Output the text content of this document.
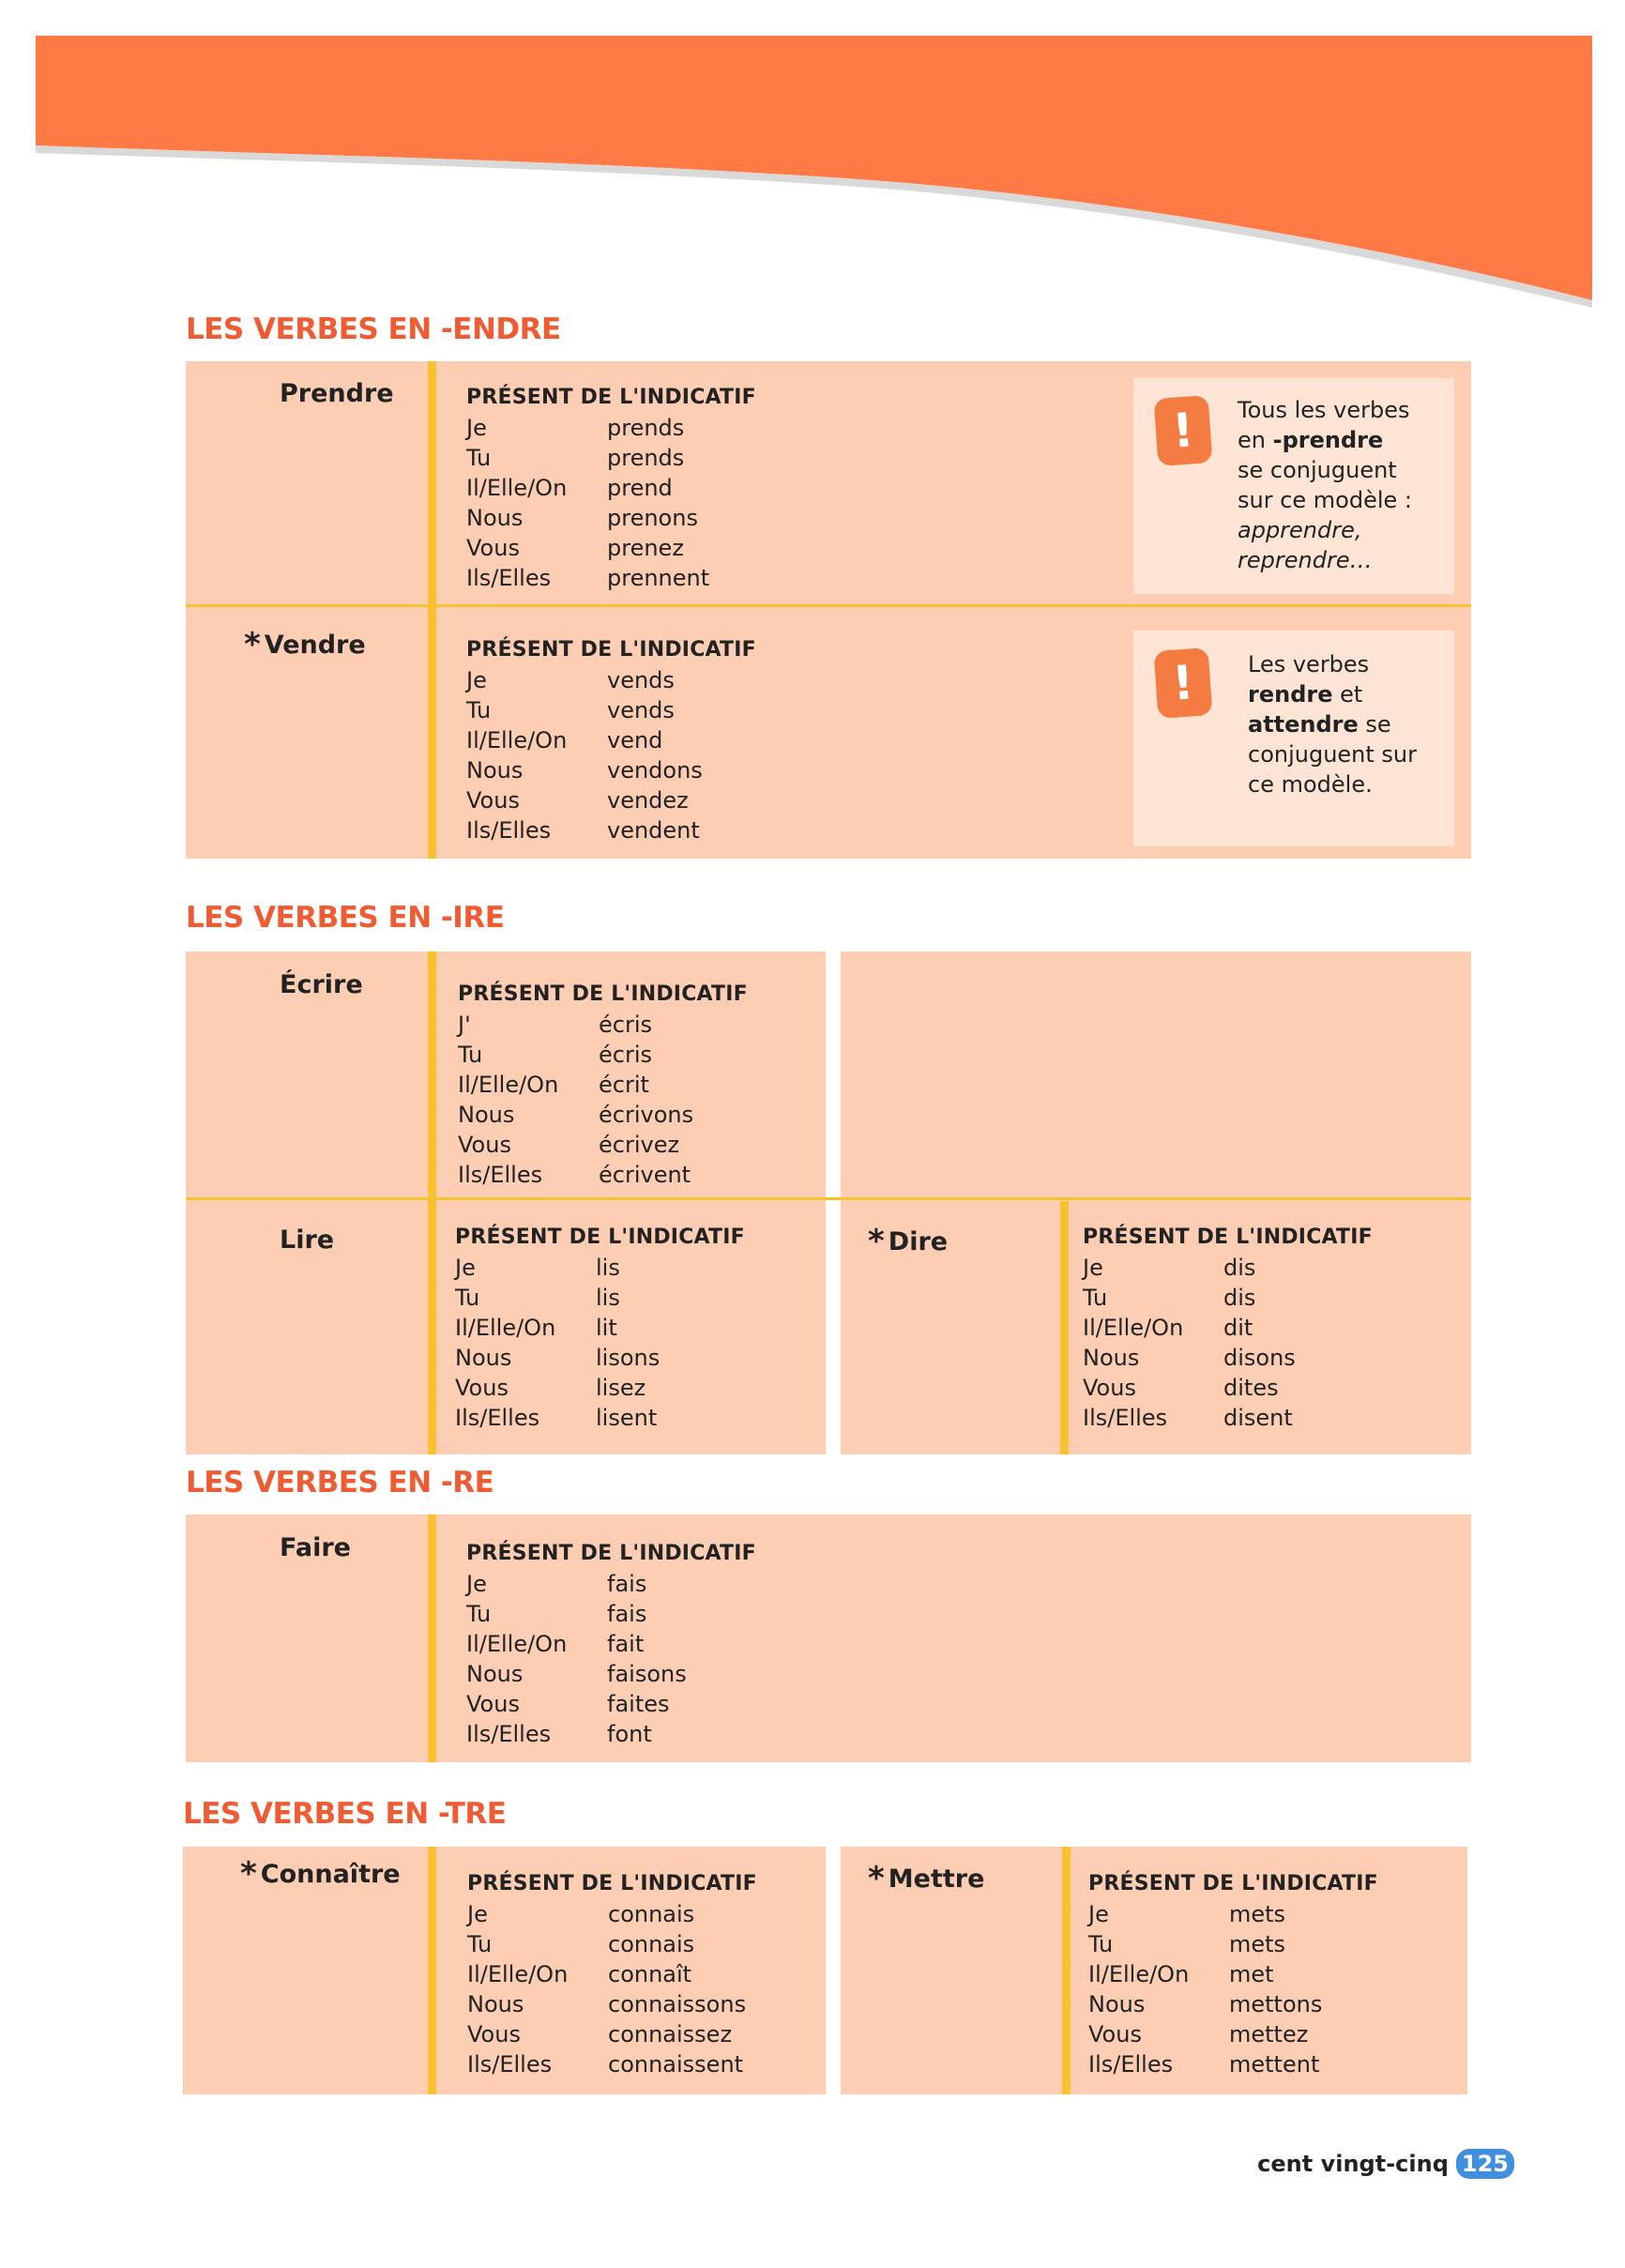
LES VERBES EN -ENDRE
Prendre	PRÉSENT DE L'INDICATIF
Je	prends
Tu	prends
Il/Elle/On	prend
Nous	prenons
Vous	prenez
Ils/Elles	prennent
!	Tous les verbes
en -prendre
se conjuguent
sur ce modèle :
apprendre,
reprendre…
* Vendre	PRÉSENT DE L'INDICATIF
Je	vends
Tu	vends
Il/Elle/On	vend
Nous	vendons
Vous	vendez
Ils/Elles	vendent
!	Les verbes
rendre et
attendre se
conjuguent sur
ce modèle.
LES VERBES EN -IRE
Écrire	PRÉSENT DE L'INDICATIF
J'	écris
Tu	écris
Il/Elle/On	écrit
Nous	écrivons
Vous	écrivez
Ils/Elles	écrivent
Lire	PRÉSENT DE L'INDICATIF
Je	lis
Tu	lis
Il/Elle/On	lit
Nous	lisons
Vous	lisez
Ils/Elles	lisent
* Dire	PRÉSENT DE L'INDICATIF
Je	dis
Tu	dis
Il/Elle/On	dit
Nous	disons
Vous	dites
Ils/Elles	disent
LES VERBES EN -RE
Faire	PRÉSENT DE L'INDICATIF
Je	fais
Tu	fais
Il/Elle/On	fait
Nous	faisons
Vous	faites
Ils/Elles	font
LES VERBES EN -TRE
* Connaître	PRÉSENT DE L'INDICATIF
Je	connais
Tu	connais
Il/Elle/On	connaît
Nous	connaissons
Vous	connaissez
Ils/Elles	connaissent
* Mettre	PRÉSENT DE L'INDICATIF
Je	mets
Tu	mets
Il/Elle/On	met
Nous	mettons
Vous	mettez
Ils/Elles	mettent
cent vingt-cinq 125
